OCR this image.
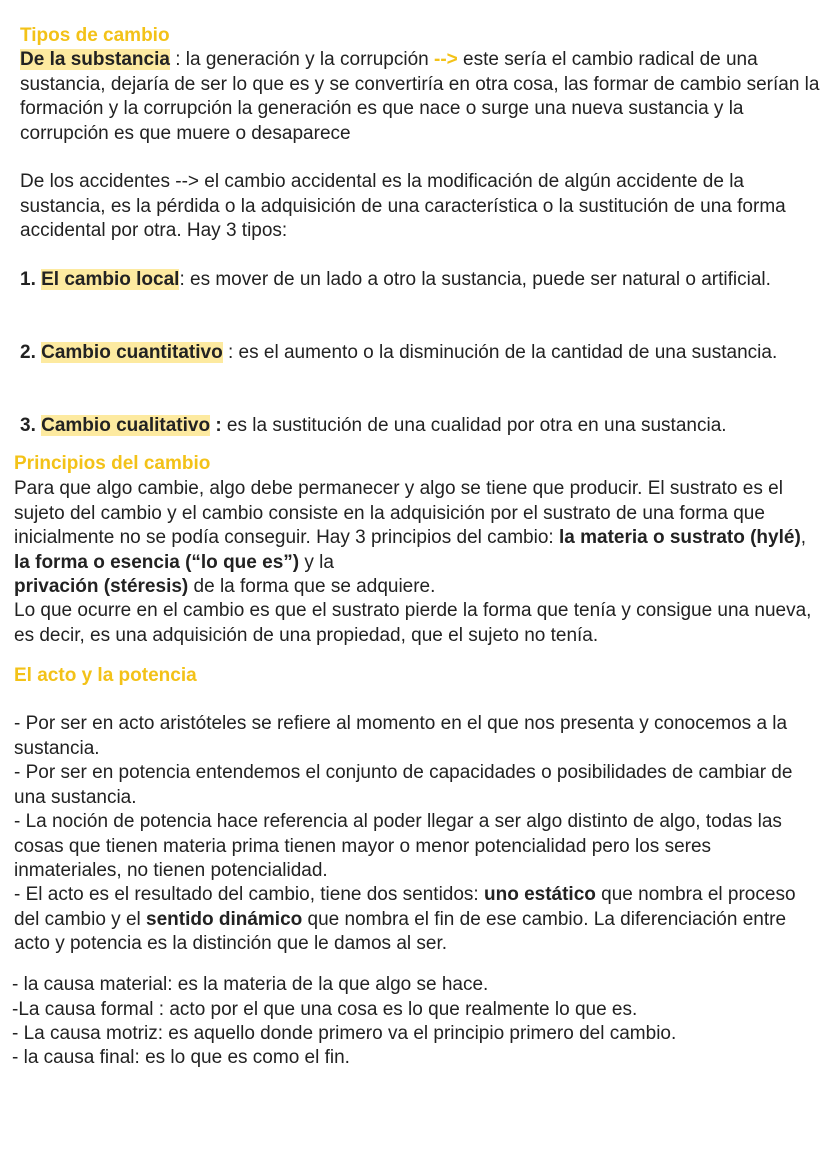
Tipos de cambio

De la substancia : la generación y la corrupción --> este sería el cambio radical de una sustancia, dejaría de ser lo que es y se convertiría en otra cosa, las formar de cambio serían la formación y la corrupción la generación es que nace o surge una nueva sustancia y la corrupción es que muere o desaparece

De los accidentes --> el cambio accidental es la modificación de algún accidente de la sustancia, es la pérdida o la adquisición de una característica o la sustitución de una forma accidental por otra. Hay 3 tipos:

1. El cambio local: es mover de un lado a otro la sustancia, puede ser natural o artificial.

2. Cambio cuantitativo : es el aumento o la disminución de la cantidad de una sustancia.

3. Cambio cualitativo : es la sustitución de una cualidad por otra en una sustancia.

Principios del cambio

Para que algo cambie, algo debe permanecer y algo se tiene que producir. El sustrato es el sujeto del cambio y el cambio consiste en la adquisición por el sustrato de una forma que inicialmente no se podía conseguir. Hay 3 principios del cambio: la materia o sustrato (hylé), la forma o esencia (“lo que es”) y la
privación (stéresis) de la forma que se adquiere.

Lo que ocurre en el cambio es que el sustrato pierde la forma que tenía y consigue una nueva, es decir, es una adquisición de una propiedad, que el sujeto no tenía.

El acto y la potencia

- Por ser en acto aristóteles se refiere al momento en el que nos presenta y conocemos a la sustancia.

- Por ser en potencia entendemos el conjunto de capacidades o posibilidades de cambiar de una sustancia.

- La noción de potencia hace referencia al poder llegar a ser algo distinto de algo, todas las cosas que tienen materia prima tienen mayor o menor potencialidad pero los seres inmateriales, no tienen potencialidad.

- El acto es el resultado del cambio, tiene dos sentidos: uno estático que nombra el proceso del cambio y el sentido dinámico que nombra el fin de ese cambio. La diferenciación entre acto y potencia es la distinción que le damos al ser.

- la causa material: es la materia de la que algo se hace.

-La causa formal : acto por el que una cosa es lo que realmente lo que es.

- La causa motriz: es aquello donde primero va el principio primero del cambio.

- la causa final: es lo que es como el fin.
